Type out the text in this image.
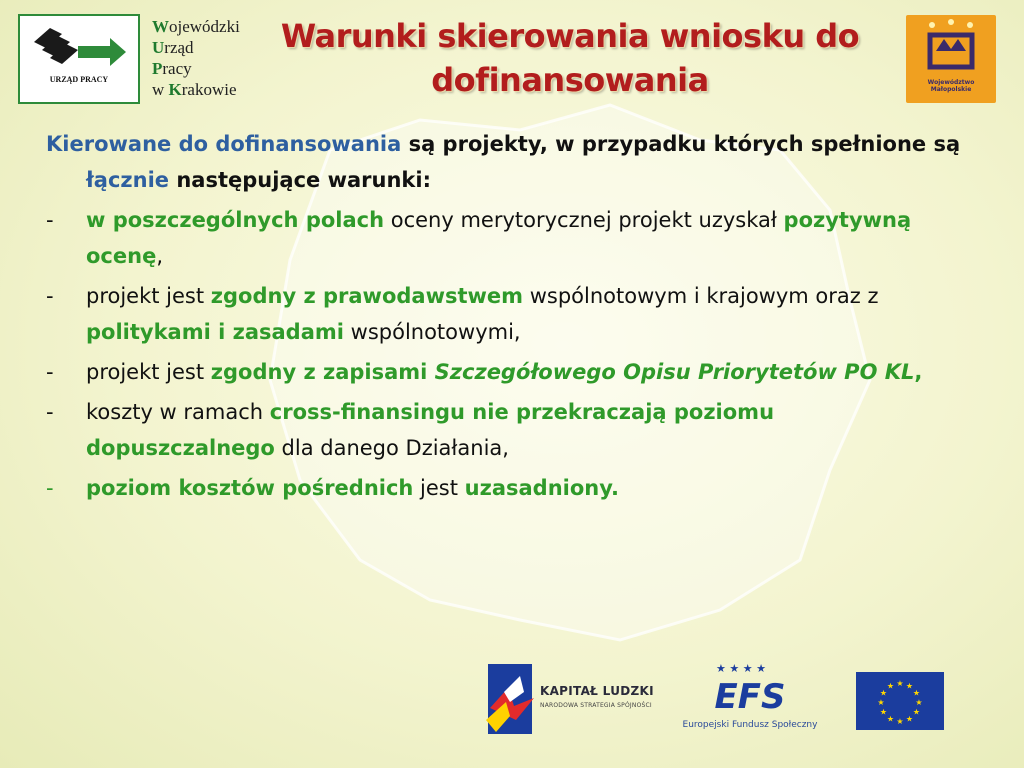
URZĄD PRACY
Wojewódzki
Urząd
Pracy
w Krakowie
Warunki skierowania wniosku do dofinansowania	Województwo
Małopolskie

Kierowane do dofinansowania są projekty, w przypadku których spełnione są łącznie następujące warunki:

-	w poszczególnych polach oceny merytorycznej projekt uzyskał pozytywną ocenę,
-	projekt jest zgodny z prawodawstwem wspólnotowym i krajowym oraz z politykami i zasadami wspólnotowymi,
-	projekt jest zgodny z zapisami Szczegółowego Opisu Priorytetów PO KL,
-	koszty w ramach cross-finansingu nie przekraczają poziomu dopuszczalnego dla danego Działania,
-	poziom kosztów pośrednich jest uzasadniony.
KAPITAŁ LUDZKI
NARODOWA STRATEGIA SPÓJNOŚCI
★ ★ ★ ★
EFS
Europejski Fundusz Społeczny
★ ★
★
★
★
★
★
★
★
★
★
★
